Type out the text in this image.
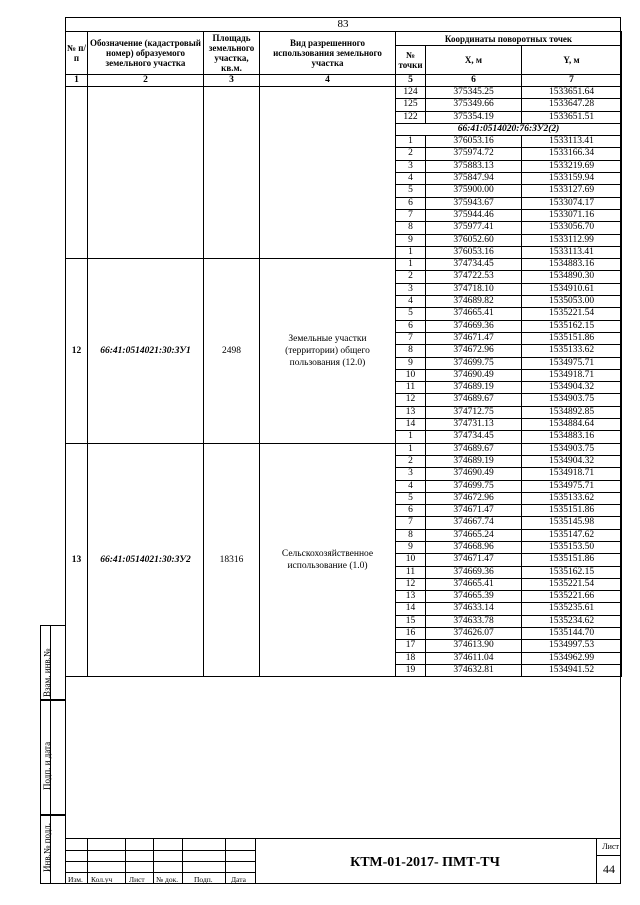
83
№ п/п	Обозначение (кадастровый номер) образуемого земельного участка	Площадь земельного участка, кв.м.	Вид разрешенного использования земельного участка	Координаты поворотных точек		
				№ точки	X, м	Y, м
1	2	3	4	5	6	7
				124	375345.25	1533651.64
				125	375349.66	1533647.28
				122	375354.19	1533651.51
				66:41:0514020:76:ЗУ2(2)		
				1	376053.16	1533113.41
				2	375974.72	1533166.34
				3	375883.13	1533219.69
				4	375847.94	1533159.94
				5	375900.00	1533127.69
				6	375943.67	1533074.17
				7	375944.46	1533071.16
				8	375977.41	1533056.70
				9	376052.60	1533112.99
				1	376053.16	1533113.41
12	66:41:0514021:30:ЗУ1	2498	Земельные участки (территории) общего пользования (12.0)	1	374734.45	1534883.16
				2	374722.53	1534890.30
				3	374718.10	1534910.61
				4	374689.82	1535053.00
				5	374665.41	1535221.54
				6	374669.36	1535162.15
				7	374671.47	1535151.86
				8	374672.96	1535133.62
				9	374699.75	1534975.71
				10	374690.49	1534918.71
				11	374689.19	1534904.32
				12	374689.67	1534903.75
				13	374712.75	1534892.85
				14	374731.13	1534884.64
				1	374734.45	1534883.16
13	66:41:0514021:30:ЗУ2	18316	Сельскохозяйственное использование (1.0)	1	374689.67	1534903.75
				2	374689.19	1534904.32
				3	374690.49	1534918.71
				4	374699.75	1534975.71
				5	374672.96	1535133.62
				6	374671.47	1535151.86
				7	374667.74	1535145.98
				8	374665.24	1535147.62
				9	374668.96	1535153.50
				10	374671.47	1535151.86
				11	374669.36	1535162.15
				12	374665.41	1535221.54
				13	374665.39	1535221.66
				14	374633.14	1535235.61
				15	374633.78	1535234.62
				16	374626.07	1535144.70
				17	374613.90	1534997.53
				18	374611.04	1534962.99
				19	374632.81	1534941.52
Взам. инв.№
Подп. и дата
Инв.№ подл.
Изм. Кол.уч Лист № док. Подп. Дата
КТМ-01-2017- ПМТ-ТЧ
Лист
44
